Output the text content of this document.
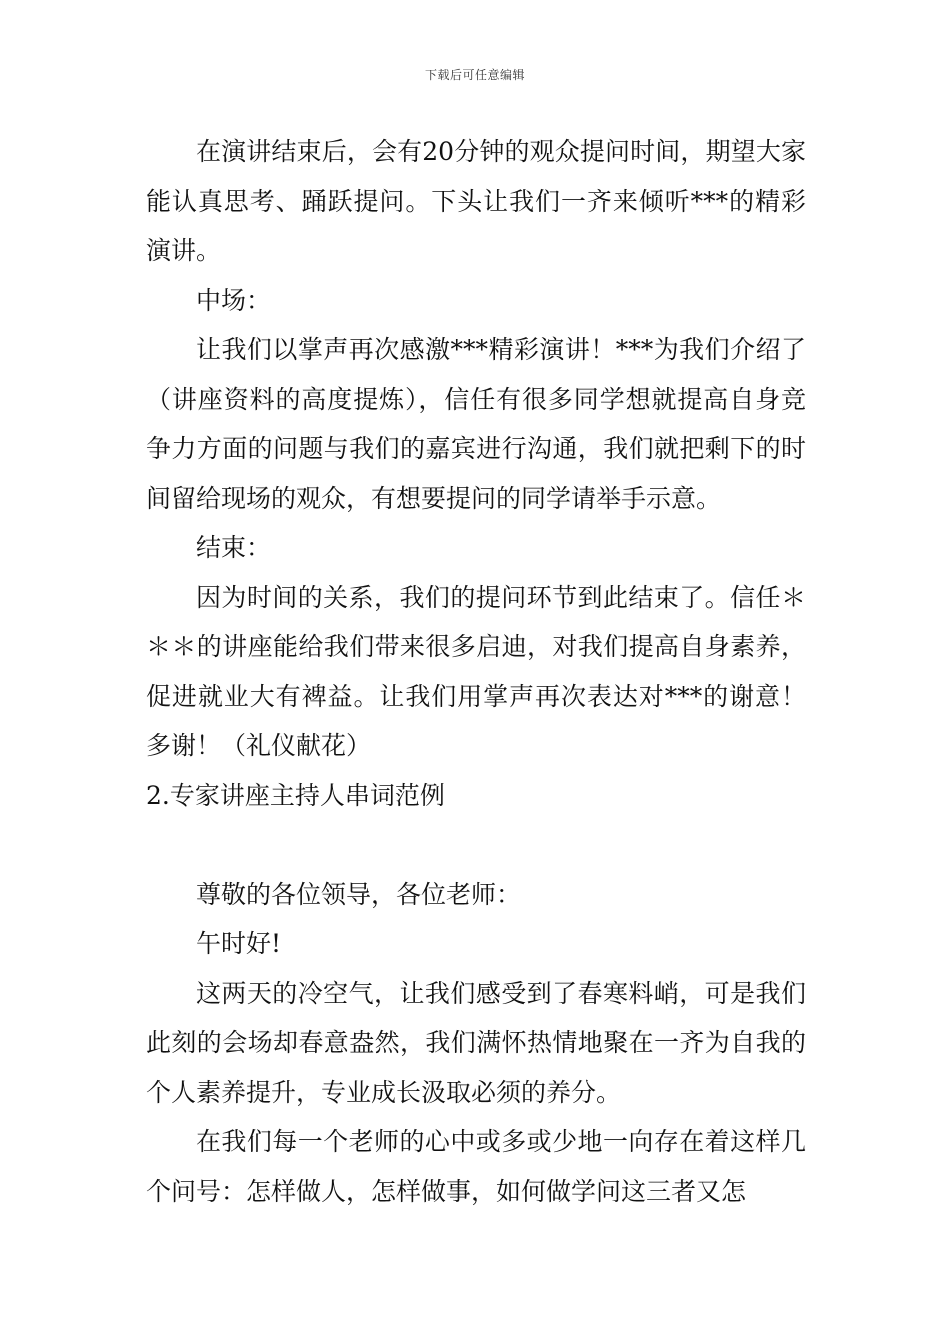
下载后可任意编辑

在演讲结束后，会有20分钟的观众提问时间，期望大家能认真思考、踊跃提问。下头让我们一齐来倾听***的精彩演讲。

中场：

让我们以掌声再次感激***精彩演讲！***为我们介绍了（讲座资料的高度提炼），信任有很多同学想就提高自身竞争力方面的问题与我们的嘉宾进行沟通，我们就把剩下的时间留给现场的观众，有想要提问的同学请举手示意。

结束：

因为时间的关系，我们的提问环节到此结束了。信任＊＊＊的讲座能给我们带来很多启迪，对我们提高自身素养，促进就业大有裨益。让我们用掌声再次表达对***的谢意！多谢！（礼仪献花）

2.专家讲座主持人串词范例

尊敬的各位领导，各位老师：

午时好!

这两天的冷空气，让我们感受到了春寒料峭，可是我们此刻的会场却春意盎然，我们满怀热情地聚在一齐为自我的个人素养提升，专业成长汲取必须的养分。

在我们每一个老师的心中或多或少地一向存在着这样几个问号：怎样做人，怎样做事，如何做学问这三者又怎
